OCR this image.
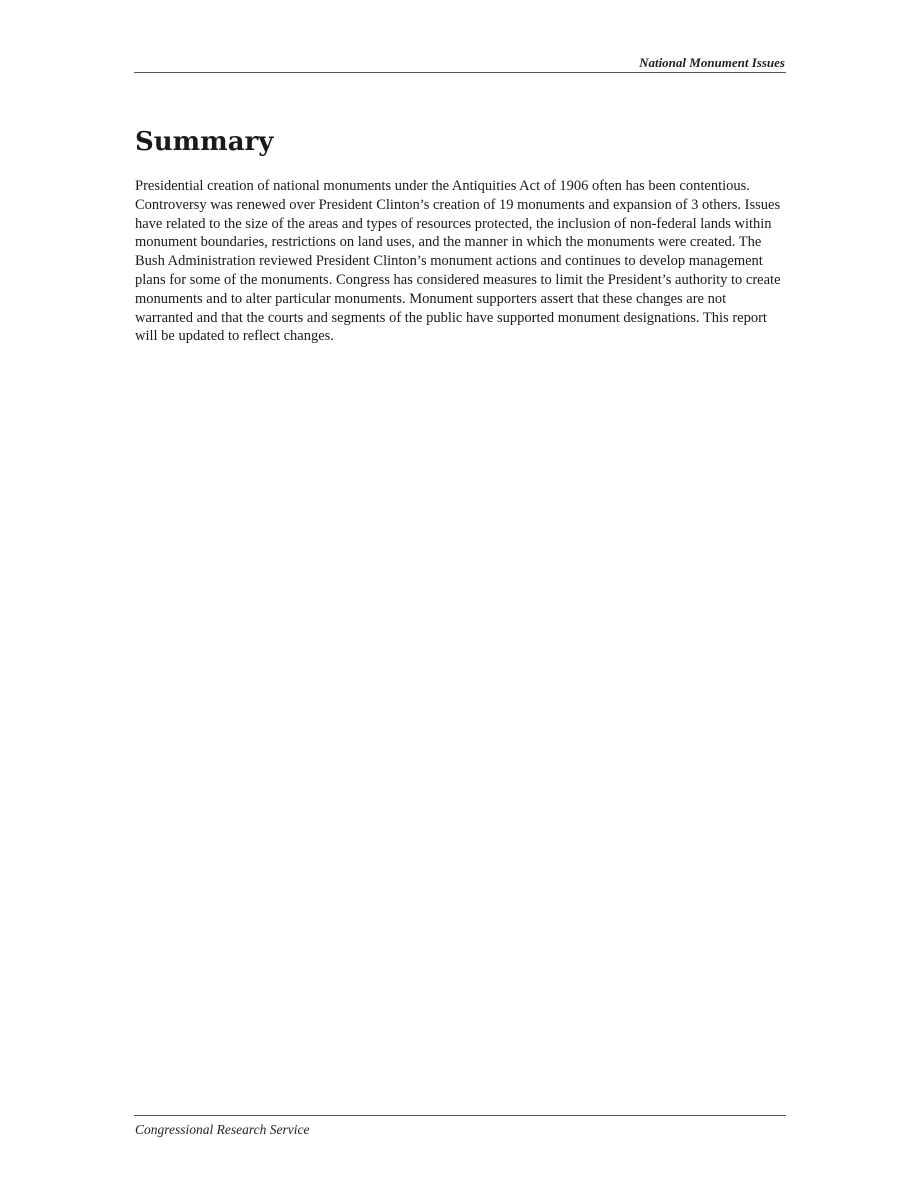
National Monument Issues
Summary

Presidential creation of national monuments under the Antiquities Act of 1906 often has been contentious. Controversy was renewed over President Clinton’s creation of 19 monuments and expansion of 3 others. Issues have related to the size of the areas and types of resources protected, the inclusion of non-federal lands within monument boundaries, restrictions on land uses, and the manner in which the monuments were created. The Bush Administration reviewed President Clinton’s monument actions and continues to develop management plans for some of the monuments. Congress has considered measures to limit the President’s authority to create monuments and to alter particular monuments. Monument supporters assert that these changes are not warranted and that the courts and segments of the public have supported monument designations. This report will be updated to reflect changes.

Congressional Research Service
